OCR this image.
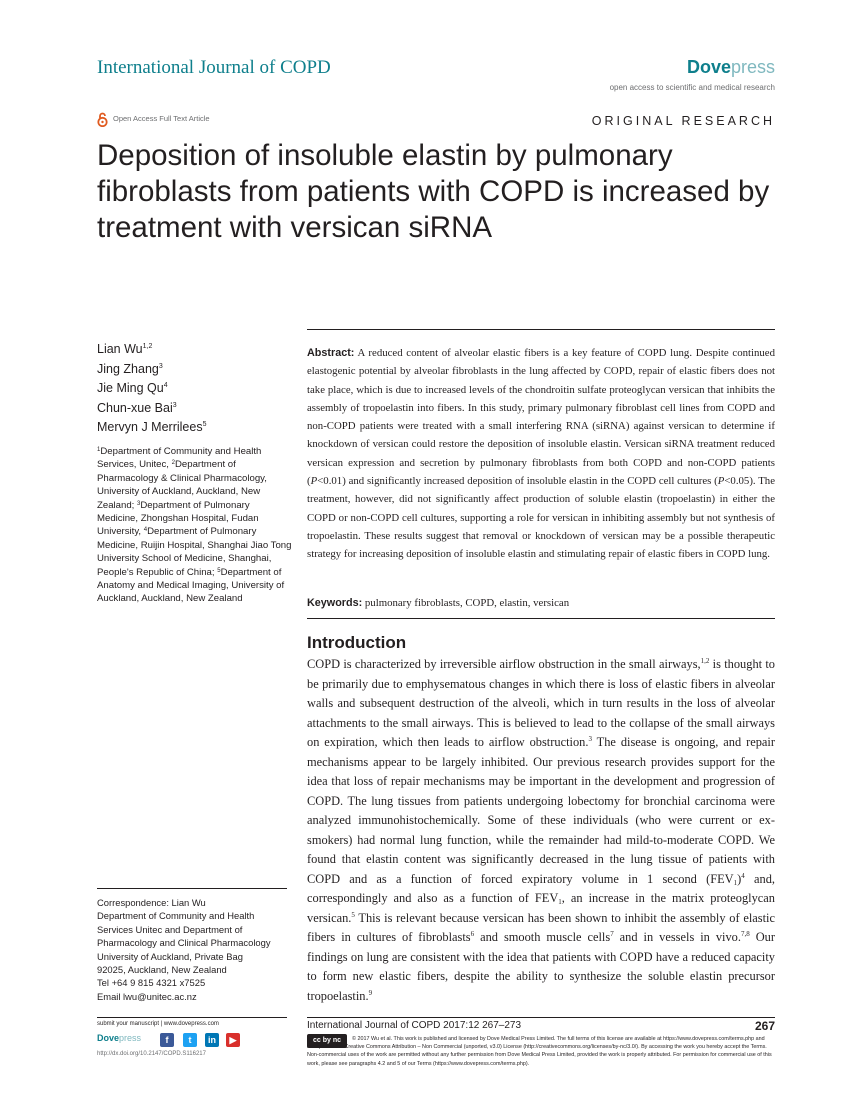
International Journal of COPD	Dovepress
open access to scientific and medical research
Open Access Full Text Article	ORIGINAL RESEARCH
Deposition of insoluble elastin by pulmonary fibroblasts from patients with COPD is increased by treatment with versican siRNA
Lian Wu$^{1,2}$
Jing Zhang$^3$
Jie Ming Qu$^4$
Chun-xue Bai$^3$
Mervyn J Merrilees$^5$
$^1$Department of Community and Health Services, Unitec, $^2$Department of Pharmacology & Clinical Pharmacology, University of Auckland, Auckland, New Zealand; $^3$Department of Pulmonary Medicine, Zhongshan Hospital, Fudan University, $^4$Department of Pulmonary Medicine, Ruijin Hospital, Shanghai Jiao Tong University School of Medicine, Shanghai, People's Republic of China; $^5$Department of Anatomy and Medical Imaging, University of Auckland, Auckland, New Zealand
Correspondence: Lian Wu
Department of Community and Health
Services Unitec and Department of
Pharmacology and Clinical Pharmacology
University of Auckland, Private Bag
92025, Auckland, New Zealand
Tel +64 9 815 4321 x7525
Email lwu@unitec.ac.nz

Abstract: A reduced content of alveolar elastic fibers is a key feature of COPD lung. Despite continued elastogenic potential by alveolar fibroblasts in the lung affected by COPD, repair of elastic fibers does not take place, which is due to increased levels of the chondroitin sulfate proteoglycan versican that inhibits the assembly of tropoelastin into fibers. In this study, primary pulmonary fibroblast cell lines from COPD and non-COPD patients were treated with a small interfering RNA (siRNA) against versican to determine if knockdown of versican could restore the deposition of insoluble elastin. Versican siRNA treatment reduced versican expression and secretion by pulmonary fibroblasts from both COPD and non-COPD patients (P<0.01) and significantly increased deposition of insoluble elastin in the COPD cell cultures (P<0.05). The treatment, however, did not significantly affect production of soluble elastin (tropoelastin) in either the COPD or non-COPD cell cultures, supporting a role for versican in inhibiting assembly but not synthesis of tropoelastin. These results suggest that removal or knockdown of versican may be a possible therapeutic strategy for increasing deposition of insoluble elastin and stimulating repair of elastic fibers in COPD lung.

Keywords: pulmonary fibroblasts, COPD, elastin, versican

Introduction

COPD is characterized by irreversible airflow obstruction in the small airways,$^{1,2}$ is thought to be primarily due to emphysematous changes in which there is loss of elastic fibers in alveolar walls and subsequent destruction of the alveoli, which in turn results in the loss of alveolar attachments to the small airways. This is believed to lead to the collapse of the small airways on expiration, which then leads to airflow obstruction.$^3$ The disease is ongoing, and repair mechanisms appear to be largely inhibited. Our previous research provides support for the idea that loss of repair mechanisms may be important in the development and progression of COPD. The lung tissues from patients undergoing lobectomy for bronchial carcinoma were analyzed immunohistochemically. Some of these individuals (who were current or ex-smokers) had normal lung function, while the remainder had mild-to-moderate COPD. We found that elastin content was significantly decreased in the lung tissue of patients with COPD and as a function of forced expiratory volume in 1 second $(FEV_1)^4$ and, correspondingly and also as a function of $FEV_1$, an increase in the matrix proteoglycan versican.$^5$ This is relevant because versican has been shown to inhibit the assembly of elastic fibers in cultures of fibroblasts$^6$ and smooth muscle cells$^7$ and in vessels in vivo.$^{7,8}$ Our findings on lung are consistent with the idea that patients with COPD have a reduced capacity to form new elastic fibers, despite the ability to synthesize the soluble elastin precursor tropoelastin.$^9$

submit your manuscript | www.dovepress.com
Dovepress	f	t	in	▶
http://dx.doi.org/10.2147/COPD.S116217
International Journal of COPD 2017:12 267–273	267
cc by nc	© 2017 Wu et al. This work is published and licensed by Dove Medical Press Limited. The full terms of this license are available at https://www.dovepress.com/terms.php and incorporate the Creative Commons Attribution – Non Commercial (unported, v3.0) License (http://creativecommons.org/licenses/by-nc/3.0/). By accessing the work you hereby accept the Terms. Non-commercial uses of the work are permitted without any further permission from Dove Medical Press Limited, provided the work is properly attributed. For permission for commercial use of this work, please see paragraphs 4.2 and 5 of our Terms (https://www.dovepress.com/terms.php).
